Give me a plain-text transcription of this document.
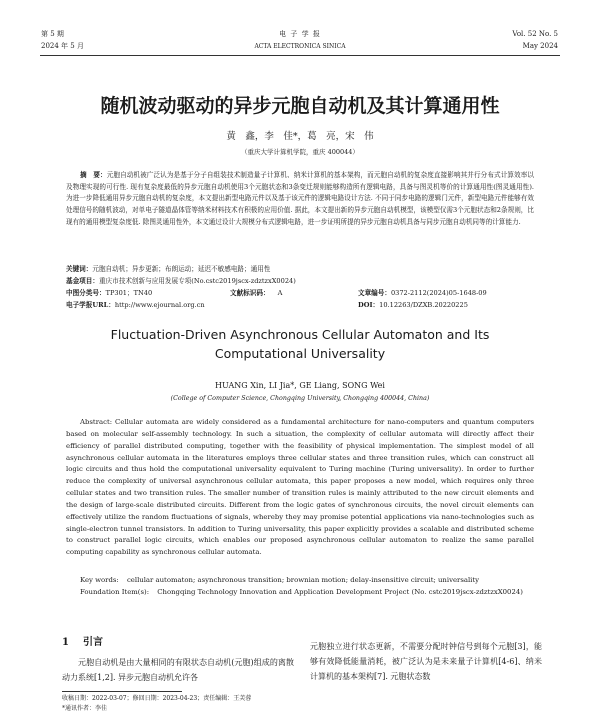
第 5 期
2024 年 5 月
电 子 学 报
ACTA ELECTRONICA SINICA
Vol. 52 No. 5
May 2024
随机波动驱动的异步元胞自动机及其计算通用性
黄　鑫，李　佳*，葛　亮，宋　伟
（重庆大学计算机学院，重庆 400044）
摘　要：元胞自动机被广泛认为是基于分子自组装技术制造量子计算机、纳米计算机的基本架构，而元胞自动机的复杂度直接影响其并行分布式计算效率以及物理实现的可行性. 现有复杂度最低的异步元胞自动机使用3个元胞状态和3条变迁规则能够构造所有逻辑电路，具备与图灵机等价的计算通用性(图灵通用性). 为进一步降低通用异步元胞自动机的复杂度，本文提出新型电路元件以及基于该元件的逻辑电路设计方法. 不同于同步电路的逻辑门元件，新型电路元件能够有效处理信号的随机波动，对单电子隧道晶体管等纳米材料技术有积极的应用价值. 据此，本文提出新的异步元胞自动机模型，该模型仅需3个元胞状态和2条规则，比现有的通用模型复杂度低. 除图灵通用性外，本文通过设计大规模分布式逻辑电路，进一步证明所提的异步元胞自动机具备与同步元胞自动机同等的计算能力.
关键词：元胞自动机；异步更新；布朗运动；延迟不敏感电路；通用性
基金项目：重庆市技术创新与应用发展专项(No.cstc2019jscx-zdztzxX0024)
中图分类号：TP301；TN40	文献标识码： A	文章编号：0372-2112(2024)05-1648-09
电子学报URL：http://www.ejournal.org.cn	DOI：10.12263/DZXB.20220225
Fluctuation-Driven Asynchronous Cellular Automaton and Its
Computational Universality
HUANG Xin, LI Jia*, GE Liang, SONG Wei
(College of Computer Science, Chongqing University, Chongqing 400044, China)
Abstract: Cellular automata are widely considered as a fundamental architecture for nano-computers and quantum computers based on molecular self-assembly technology. In such a situation, the complexity of cellular automata will directly affect their efficiency of parallel distributed computing, together with the feasibility of physical implementation. The simplest model of all asynchronous cellular automata in the literatures employs three cellular states and three transition rules, which can construct all logic circuits and thus hold the computational universality equivalent to Turing machine (Turing universality). In order to further reduce the complexity of universal asynchronous cellular automata, this paper proposes a new model, which requires only three cellular states and two transition rules. The smaller number of transition rules is mainly attributed to the new circuit elements and the design of large-scale distributed circuits. Different from the logic gates of synchronous circuits, the novel circuit elements can effectively utilize the random fluctuations of signals, whereby they may promise potential applications via nano-technologies such as single-electron tunnel transistors. In addition to Turing universality, this paper explicitly provides a scalable and distributed scheme to construct parallel logic circuits, which enables our proposed asynchronous cellular automaton to realize the same parallel computing capability as synchronous cellular automata.
Key words: cellular automaton; asynchronous transition; brownian motion; delay-insensitive circuit; universality
Foundation Item(s): Chongqing Technology Innovation and Application Development Project (No. cstc2019jscx-zdztzxX0024)
1 引言
元胞自动机是由大量相同的有限状态自动机(元胞)组成的离散动力系统[1,2]. 异步元胞自动机允许各
元胞独立进行状态更新，不需要分配时钟信号到每个元胞[3]，能够有效降低能量消耗，被广泛认为是未来量子计算机[4-6]、纳米计算机的基本架构[7]. 元胞状态数
收稿日期：2022-03-07；修回日期：2023-04-23；责任编辑：王芙蓉
*通讯作者：李佳
